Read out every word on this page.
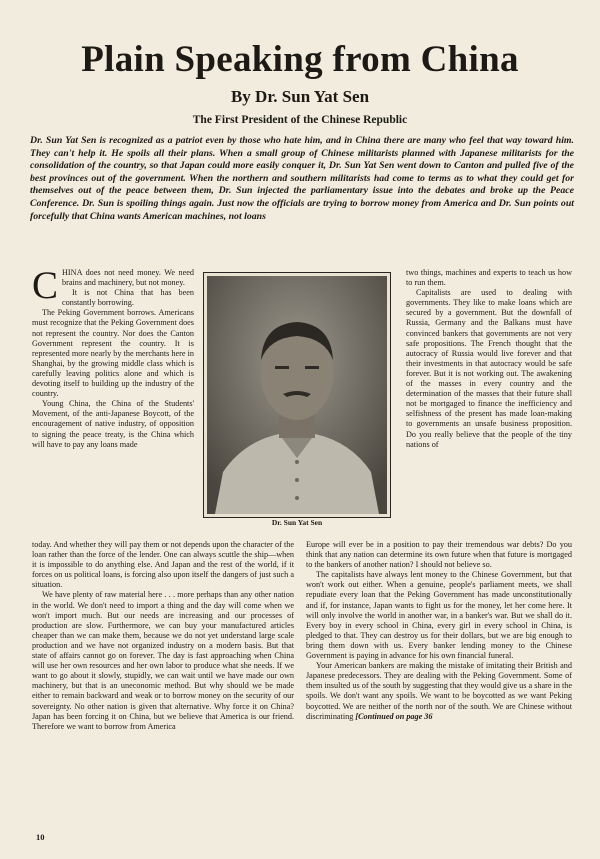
Plain Speaking from China
By Dr. Sun Yat Sen
The First President of the Chinese Republic

Dr. Sun Yat Sen is recognized as a patriot even by those who hate him, and in China there are many who feel that way toward him. They can't help it. He spoils all their plans. When a small group of Chinese militarists planned with Japanese militarists for the consolidation of the country, so that Japan could more easily conquer it, Dr. Sun Yat Sen went down to Canton and pulled five of the best provinces out of the government. When the northern and southern militarists had come to terms as to what they could get for themselves out of the peace between them, Dr. Sun injected the parliamentary issue into the debates and broke up the Peace Conference. Dr. Sun is spoiling things again. Just now the officials are trying to borrow money from America and Dr. Sun points out forcefully that China wants American machines, not loans

CHINA does not need money. We need brains and machinery, but not money.

It is not China that has been constantly borrowing.

The Peking Government borrows. Americans must recognize that the Peking Government does not represent the country. Nor does the Canton Government represent the country. It is represented more nearly by the merchants here in Shanghai, by the growing middle class which is carefully leaving politics alone and which is devoting itself to building up the industry of the country.

Young China, the China of the Students' Movement, of the anti-Japanese Boycott, of the encouragement of native industry, of opposition to signing the peace treaty, is the China which will have to pay any loans made

Dr. Sun Yat Sen

two things, machines and experts to teach us how to run them.

Capitalists are used to dealing with governments. They like to make loans which are secured by a government. But the downfall of Russia, Germany and the Balkans must have convinced bankers that governments are not very safe propositions. The French thought that the autocracy of Russia would live forever and that their investments in that autocracy would be safe forever. But it is not working out. The awakening of the masses in every country and the determination of the masses that their future shall not be mortgaged to finance the inefficiency and selfishness of the present has made loan-making to governments an unsafe business proposition. Do you really believe that the people of the tiny nations of

today. And whether they will pay them or not depends upon the character of the loan rather than the force of the lender. One can always scuttle the ship—when it is impossible to do anything else. And Japan and the rest of the world, if it forces on us political loans, is forcing also upon itself the dangers of just such a situation.

We have plenty of raw material here . . . more perhaps than any other nation in the world. We don't need to import a thing and the day will come when we won't import much. But our needs are increasing and our processes of production are slow. Furthermore, we can buy your manufactured articles cheaper than we can make them, because we do not yet understand large scale production and we have not organized industry on a modern basis. But that state of affairs cannot go on forever. The day is fast approaching when China will use her own resources and her own labor to produce what she needs. If we want to go about it slowly, stupidly, we can wait until we have made our own machinery, but that is an uneconomic method. But why should we be made either to remain backward and weak or to borrow money on the security of our sovereignty. No other nation is given that alternative. Why force it on China? Japan has been forcing it on China, but we believe that America is our friend. Therefore we want to borrow from America

Europe will ever be in a position to pay their tremendous war debts? Do you think that any nation can determine its own future when that future is mortgaged to the bankers of another nation? I should not believe so.

The capitalists have always lent money to the Chinese Government, but that won't work out either. When a genuine, people's parliament meets, we shall repudiate every loan that the Peking Government has made unconstitutionally and if, for instance, Japan wants to fight us for the money, let her come here. It will only involve the world in another war, in a banker's war. But we shall do it. Every boy in every school in China, every girl in every school in China, is pledged to that. They can destroy us for their dollars, but we are big enough to bring them down with us. Every banker lending money to the Chinese Government is paying in advance for his own financial funeral.

Your American bankers are making the mistake of imitating their British and Japanese predecessors. They are dealing with the Peking Government. Some of them insulted us of the south by suggesting that they would give us a share in the spoils. We don't want any spoils. We want to be boycotted as we want Peking boycotted. We are neither of the north nor of the south. We are Chinese without discriminating [Continued on page 36

10
